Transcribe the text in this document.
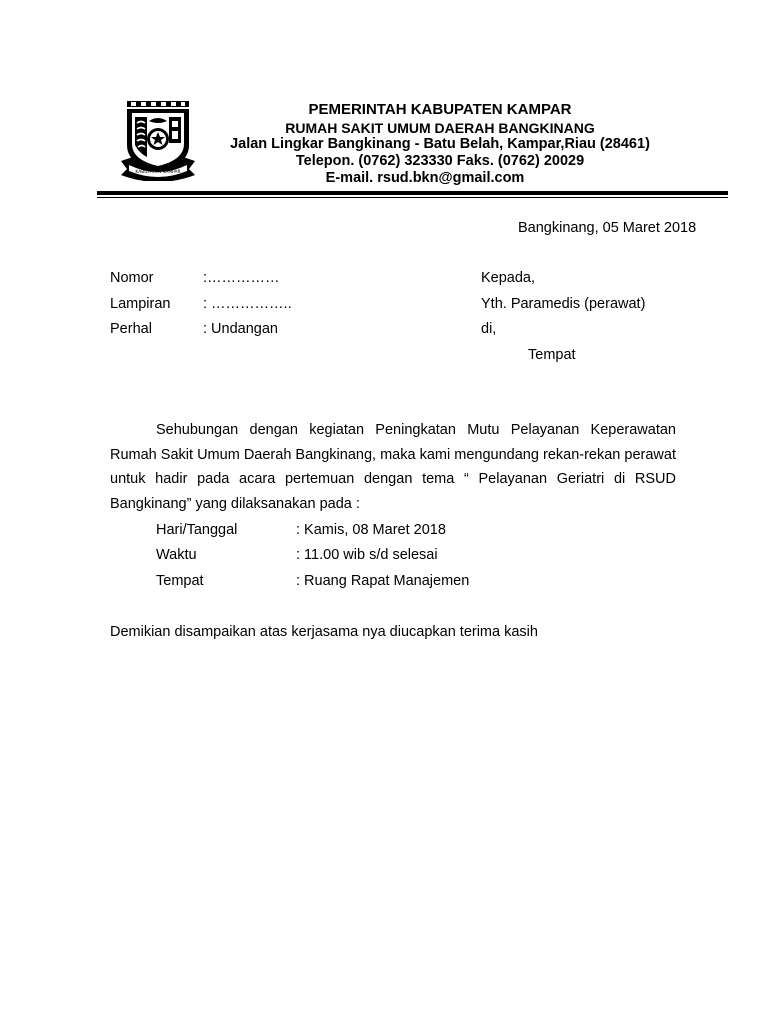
KABUPATEN KAMPAR
PEMERINTAH KABUPATEN KAMPAR
RUMAH SAKIT UMUM DAERAH BANGKINANG
Jalan Lingkar Bangkinang - Batu Belah, Kampar,Riau (28461)
Telepon. (0762) 323330 Faks. (0762) 20029
E-mail. rsud.bkn@gmail.com
Bangkinang, 05 Maret 2018
Nomor	:……………
Lampiran : ……………..
Perhal	: Undangan
Kepada,
Yth. Paramedis (perawat)
di,
Tempat
Sehubungan dengan kegiatan Peningkatan Mutu Pelayanan Keperawatan Rumah Sakit Umum Daerah Bangkinang, maka kami mengundang rekan-rekan perawat untuk hadir pada acara pertemuan dengan tema “ Pelayanan Geriatri di RSUD Bangkinang” yang dilaksanakan pada :
Hari/Tanggal	: Kamis, 08 Maret 2018
Waktu	: 11.00 wib s/d selesai
Tempat	: Ruang Rapat Manajemen
Demikian disampaikan atas kerjasama nya diucapkan terima kasih
